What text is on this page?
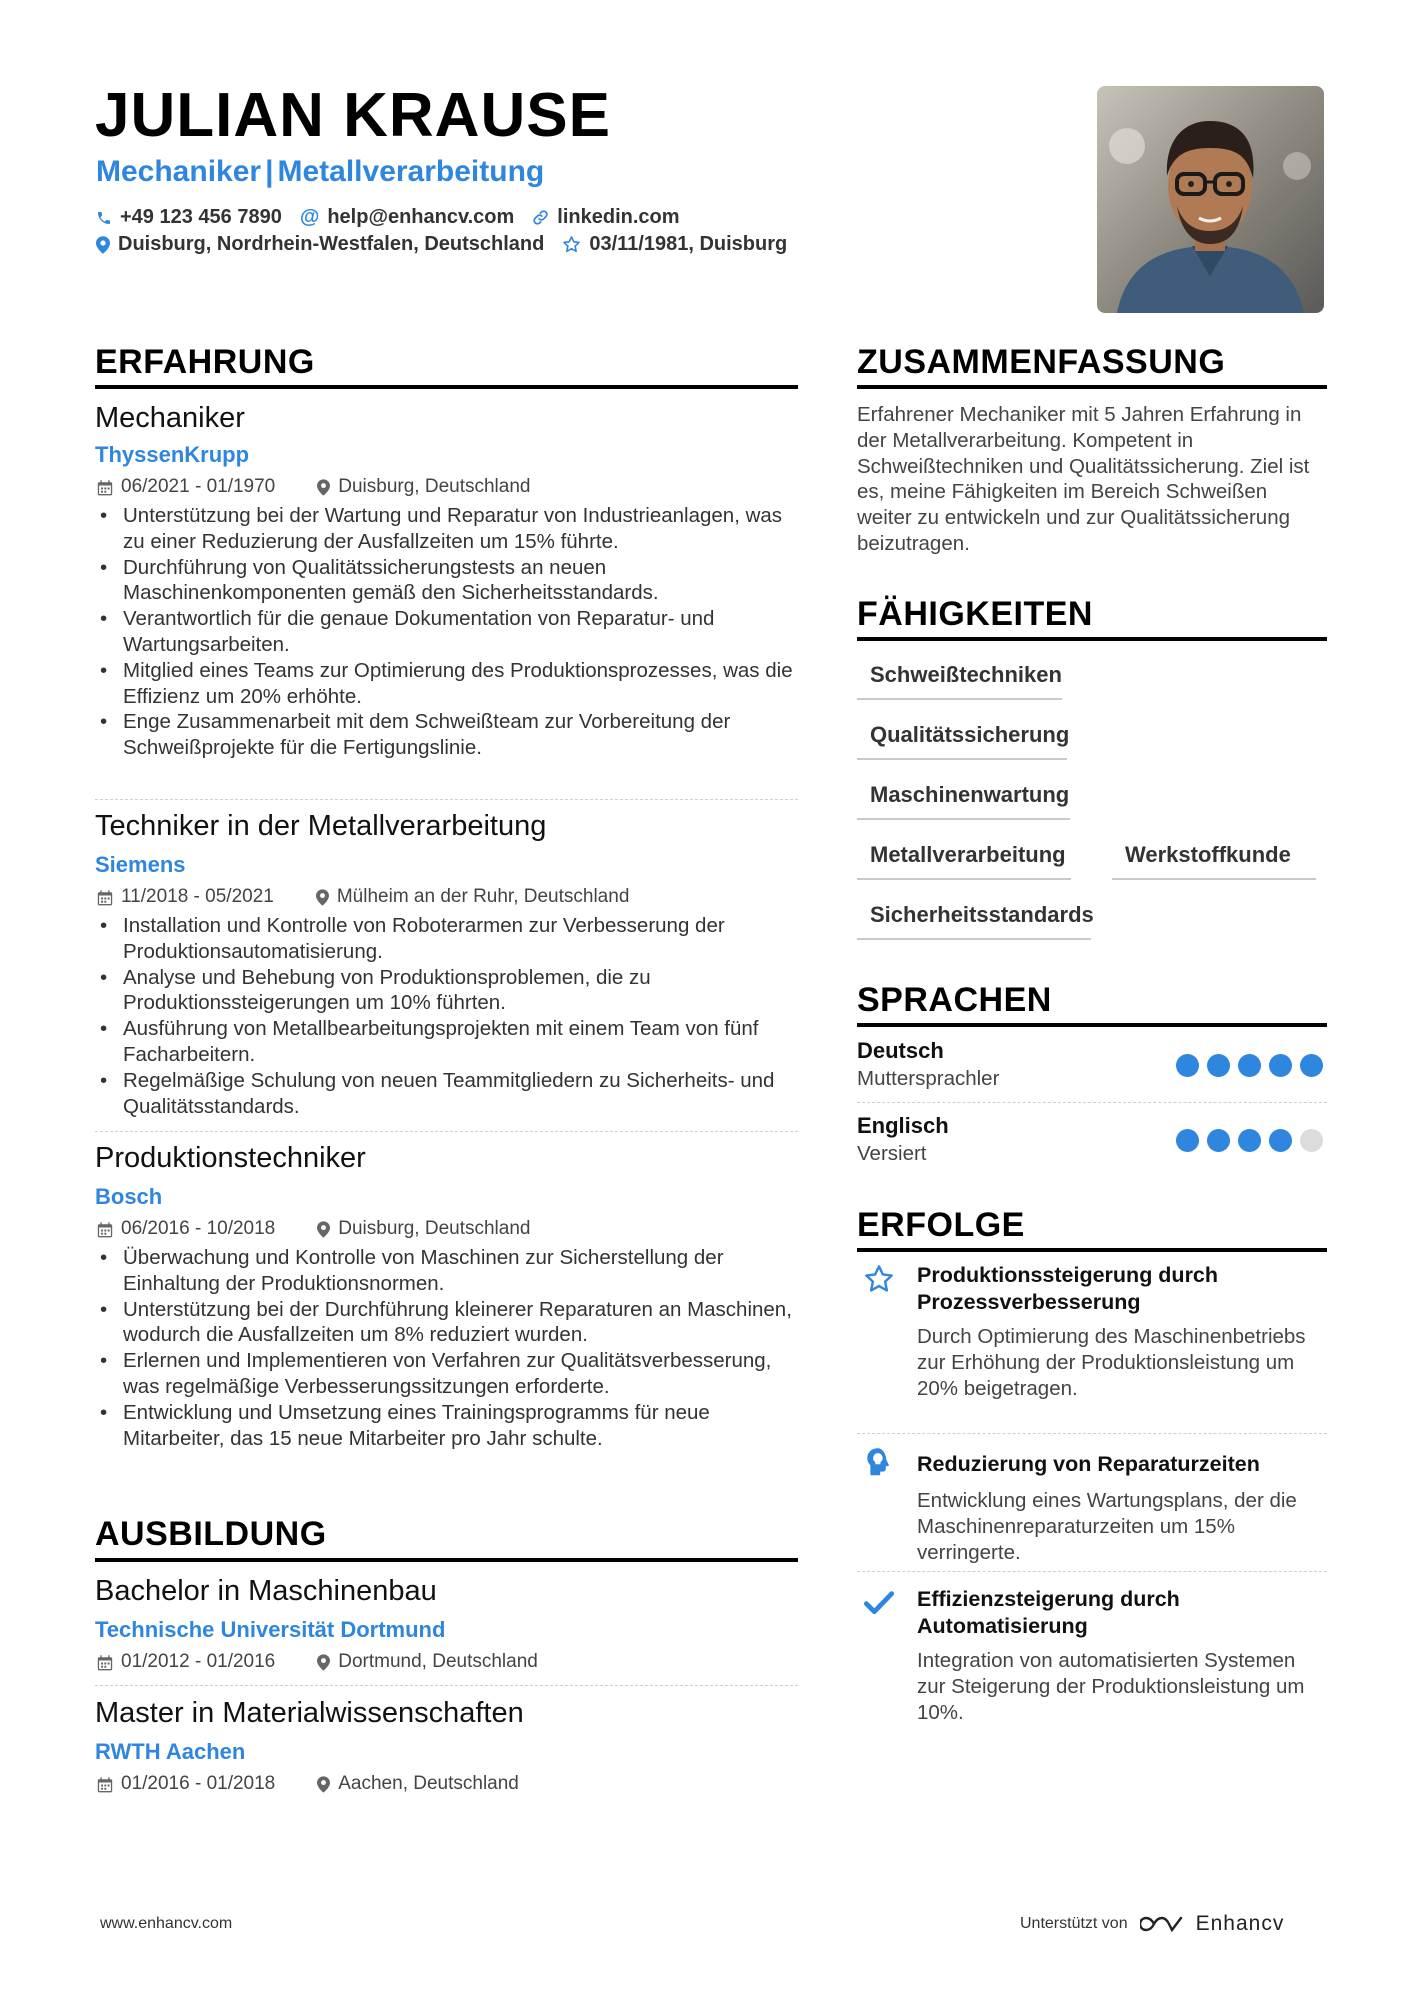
JULIAN KRAUSE
Mechaniker | Metallverarbeitung
+49 123 456 7890 @ help@enhancv.com linkedin.com
Duisburg, Nordrhein-Westfalen, Deutschland 03/11/1981, Duisburg
ERFAHRUNG
Mechaniker
ThyssenKrupp
06/2021 - 01/1970	Duisburg, Deutschland
• Unterstützung bei der Wartung und Reparatur von Industrieanlagen, was zu einer Reduzierung der Ausfallzeiten um 15% führte.
• Durchführung von Qualitätssicherungstests an neuen Maschinenkomponenten gemäß den Sicherheitsstandards.
• Verantwortlich für die genaue Dokumentation von Reparatur- und Wartungsarbeiten.
• Mitglied eines Teams zur Optimierung des Produktionsprozesses, was die Effizienz um 20% erhöhte.
• Enge Zusammenarbeit mit dem Schweißteam zur Vorbereitung der Schweißprojekte für die Fertigungslinie.
Techniker in der Metallverarbeitung
Siemens
11/2018 - 05/2021	Mülheim an der Ruhr, Deutschland
• Installation und Kontrolle von Roboterarmen zur Verbesserung der Produktionsautomatisierung.
• Analyse und Behebung von Produktionsproblemen, die zu Produktionssteigerungen um 10% führten.
• Ausführung von Metallbearbeitungsprojekten mit einem Team von fünf Facharbeitern.
• Regelmäßige Schulung von neuen Teammitgliedern zu Sicherheits- und Qualitätsstandards.
Produktionstechniker
Bosch
06/2016 - 10/2018	Duisburg, Deutschland
• Überwachung und Kontrolle von Maschinen zur Sicherstellung der Einhaltung der Produktionsnormen.
• Unterstützung bei der Durchführung kleinerer Reparaturen an Maschinen, wodurch die Ausfallzeiten um 8% reduziert wurden.
• Erlernen und Implementieren von Verfahren zur Qualitätsverbesserung, was regelmäßige Verbesserungssitzungen erforderte.
• Entwicklung und Umsetzung eines Trainingsprogramms für neue Mitarbeiter, das 15 neue Mitarbeiter pro Jahr schulte.
AUSBILDUNG
Bachelor in Maschinenbau
Technische Universität Dortmund
01/2012 - 01/2016	Dortmund, Deutschland
Master in Materialwissenschaften
RWTH Aachen
01/2016 - 01/2018	Aachen, Deutschland
ZUSAMMENFASSUNG

Erfahrener Mechaniker mit 5 Jahren Erfahrung in der Metallverarbeitung. Kompetent in Schweißtechniken und Qualitätssicherung. Ziel ist es, meine Fähigkeiten im Bereich Schweißen weiter zu entwickeln und zur Qualitätssicherung beizutragen.

FÄHIGKEITEN
Schweißtechniken
Qualitätssicherung
Maschinenwartung
Metallverarbeitung	Werkstoffkunde
Sicherheitsstandards
SPRACHEN
Deutsch
Muttersprachler
Englisch
Versiert
ERFOLGE
Produktionssteigerung durch Prozessverbesserung
Durch Optimierung des Maschinenbetriebs zur Erhöhung der Produktionsleistung um 20% beigetragen.
Reduzierung von Reparaturzeiten
Entwicklung eines Wartungsplans, der die Maschinenreparaturzeiten um 15% verringerte.
Effizienzsteigerung durch Automatisierung
Integration von automatisierten Systemen zur Steigerung der Produktionsleistung um 10%.
www.enhancv.com	Unterstützt von	Enhancv
